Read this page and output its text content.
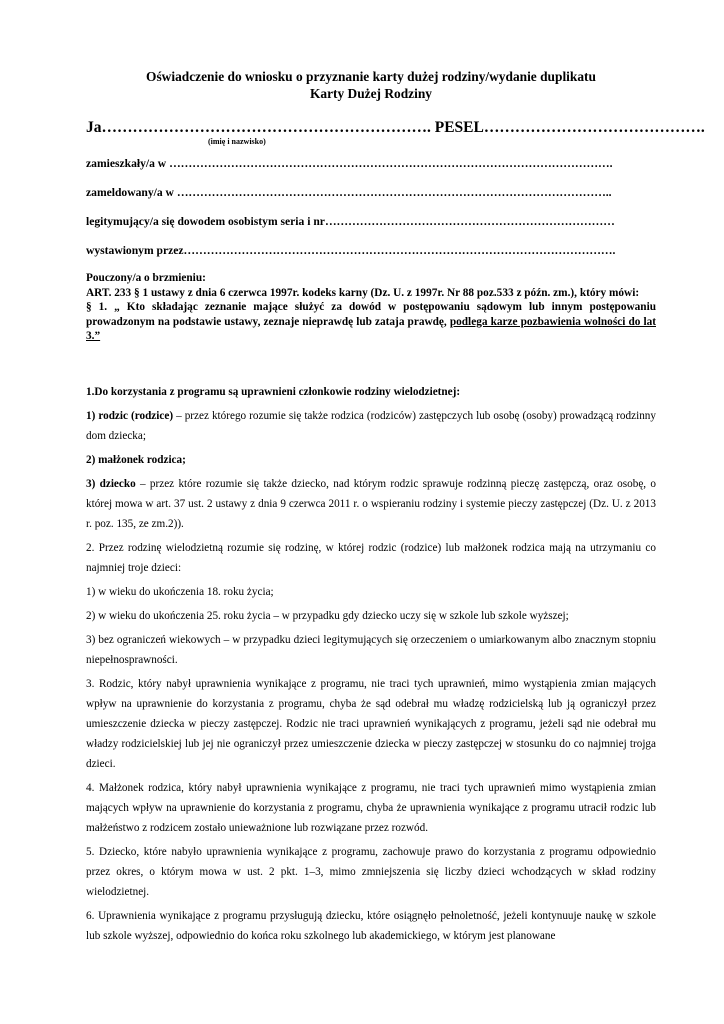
Oświadczenie do wniosku o przyznanie karty dużej rodziny/wydanie duplikatu
Karty Dużej Rodziny
Ja………………………………………………………. PESEL…………………………………….
(imię i nazwisko)
zamieszkały/a w …………………………………………………………………………………………………….
zameldowany/a w …………………………………………………………………………………………………..
legitymujący/a się dowodem osobistym seria i nr…………………………………………………………………
wystawionym przez………………………………………………………………………………………………….

Pouczony/a o brzmieniu:

ART. 233 § 1 ustawy z dnia 6 czerwca 1997r. kodeks karny (Dz. U. z 1997r. Nr 88 poz.533 z późn. zm.), który mówi:

§ 1. „ Kto składając zeznanie mające służyć za dowód w postępowaniu sądowym lub innym postępowaniu prowadzonym na podstawie ustawy, zeznaje nieprawdę lub zataja prawdę, podlega karze pozbawienia wolności do lat 3.”

1.Do korzystania z programu są uprawnieni członkowie rodziny wielodzietnej:

1) rodzic (rodzice) – przez którego rozumie się także rodzica (rodziców) zastępczych lub osobę (osoby) prowadzącą rodzinny dom dziecka;

2) małżonek rodzica;

3) dziecko – przez które rozumie się także dziecko, nad którym rodzic sprawuje rodzinną pieczę zastępczą, oraz osobę, o której mowa w art. 37 ust. 2 ustawy z dnia 9 czerwca 2011 r. o wspieraniu rodziny i systemie pieczy zastępczej (Dz. U. z 2013 r. poz. 135, ze zm.2)).

2. Przez rodzinę wielodzietną rozumie się rodzinę, w której rodzic (rodzice) lub małżonek rodzica mają na utrzymaniu co najmniej troje dzieci:

1) w wieku do ukończenia 18. roku życia;

2) w wieku do ukończenia 25. roku życia – w przypadku gdy dziecko uczy się w szkole lub szkole wyższej;

3) bez ograniczeń wiekowych – w przypadku dzieci legitymujących się orzeczeniem o umiarkowanym albo znacznym stopniu niepełnosprawności.

3. Rodzic, który nabył uprawnienia wynikające z programu, nie traci tych uprawnień, mimo wystąpienia zmian mających wpływ na uprawnienie do korzystania z programu, chyba że sąd odebrał mu władzę rodzicielską lub ją ograniczył przez umieszczenie dziecka w pieczy zastępczej. Rodzic nie traci uprawnień wynikających z programu, jeżeli sąd nie odebrał mu władzy rodzicielskiej lub jej nie ograniczył przez umieszczenie dziecka w pieczy zastępczej w stosunku do co najmniej trojga dzieci.

4. Małżonek rodzica, który nabył uprawnienia wynikające z programu, nie traci tych uprawnień mimo wystąpienia zmian mających wpływ na uprawnienie do korzystania z programu, chyba że uprawnienia wynikające z programu utracił rodzic lub małżeństwo z rodzicem zostało unieważnione lub rozwiązane przez rozwód.

5. Dziecko, które nabyło uprawnienia wynikające z programu, zachowuje prawo do korzystania z programu odpowiednio przez okres, o którym mowa w ust. 2 pkt. 1–3, mimo zmniejszenia się liczby dzieci wchodzących w skład rodziny wielodzietnej.

6. Uprawnienia wynikające z programu przysługują dziecku, które osiągnęło pełnoletność, jeżeli kontynuuje naukę w szkole lub szkole wyższej, odpowiednio do końca roku szkolnego lub akademickiego, w którym jest planowane
